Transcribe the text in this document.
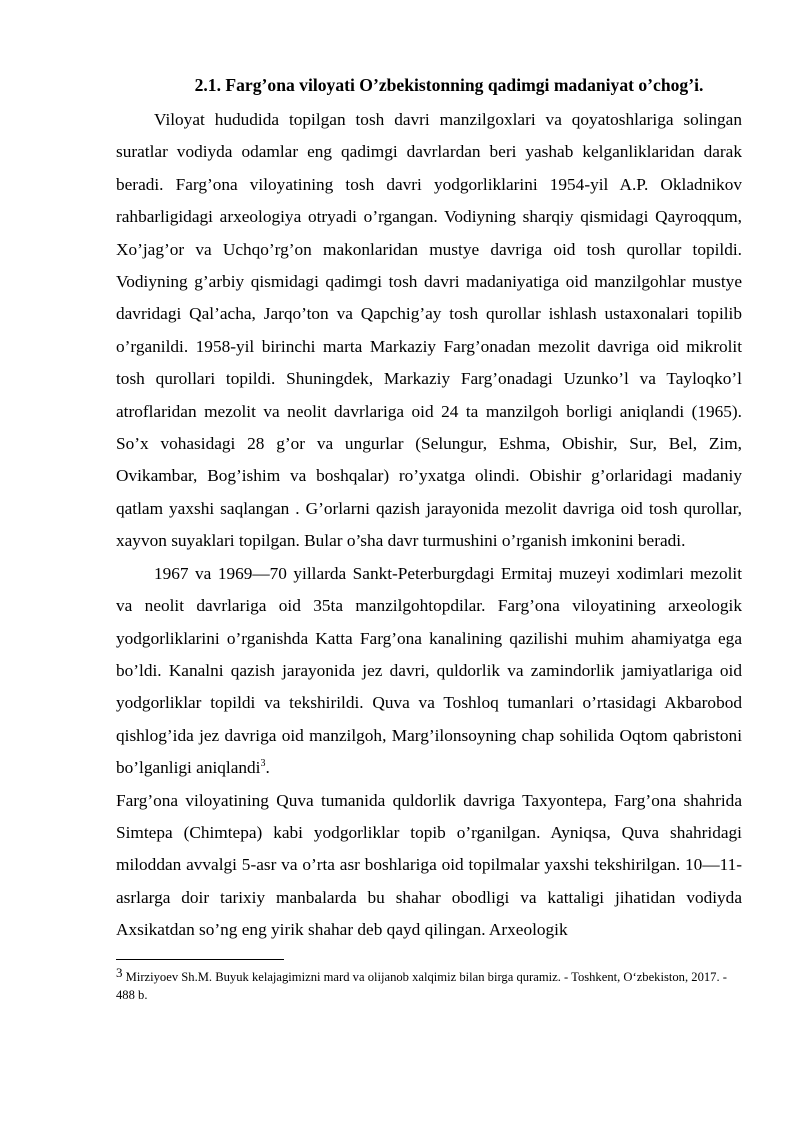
2.1. Farg’ona viloyati O’zbekistonning qadimgi madaniyat o’chog’i.

Viloyat hududida topilgan tosh davri manzilgoxlari va qoyatoshlariga solingan suratlar vodiyda odamlar eng qadimgi davrlardan beri yashab kelganliklaridan darak beradi. Farg’ona viloyatining tosh davri yodgorliklarini 1954-yil A.P. Okladnikov rahbarligidagi arxeologiya otryadi o’rgangan. Vodiyning sharqiy qismidagi Qayroqqum, Xo’jag’or va Uchqo’rg’on makonlaridan mustye davriga oid tosh qurollar topildi. Vodiyning g’arbiy qismidagi qadimgi tosh davri madaniyatiga oid manzilgohlar mustye davridagi Qal’acha, Jarqo’ton va Qapchig’ay tosh qurollar ishlash ustaxonalari topilib o’rganildi. 1958-yil birinchi marta Markaziy Farg’onadan mezolit davriga oid mikrolit tosh qurollari topildi. Shuningdek, Markaziy Farg’onadagi Uzunko’l va Tayloqko’l atroflaridan mezolit va neolit davrlariga oid 24 ta manzilgoh borligi aniqlandi (1965). So’x vohasidagi 28 g’or va ungurlar (Selungur, Eshma, Obishir, Sur, Bel, Zim, Ovikambar, Bog’ishim va boshqalar) ro’yxatga olindi. Obishir g’orlaridagi madaniy qatlam yaxshi saqlangan . G’orlarni qazish jarayonida mezolit davriga oid tosh qurollar, xayvon suyaklari topilgan. Bular o’sha davr turmushini o’rganish imkonini beradi.

1967 va 1969—70 yillarda Sankt-Peterburgdagi Ermitaj muzeyi xodimlari mezolit va neolit davrlariga oid 35ta manzilgohtopdilar. Farg’ona viloyatining arxeologik yodgorliklarini o’rganishda Katta Farg’ona kanalining qazilishi muhim ahamiyatga ega bo’ldi. Kanalni qazish jarayonida jez davri, quldorlik va zamindorlik jamiyatlariga oid yodgorliklar topildi va tekshirildi. Quva va Toshloq tumanlari o’rtasidagi Akbarobod qishlog’ida jez davriga oid manzilgoh, Marg’ilonsoyning chap sohilida Oqtom qabristoni bo’lganligi aniqlandi$^3$.

Farg’ona viloyatining Quva tumanida quldorlik davriga Taxyontepa, Farg’ona shahrida Simtepa (Chimtepa) kabi yodgorliklar topib o’rganilgan. Ayniqsa, Quva shahridagi miloddan avvalgi 5-asr va o’rta asr boshlariga oid topilmalar yaxshi tekshirilgan. 10—11-asrlarga doir tarixiy manbalarda bu shahar obodligi va kattaligi jihatidan vodiyda Axsikatdan so’ng eng yirik shahar deb qayd qilingan. Arxeologik

$^3$ Mirziyoev Sh.M. Buyuk kelajagimizni mard va olijanob xalqimiz bilan birga quramiz. - Toshkent, O‘zbekiston, 2017. - 488 b.
